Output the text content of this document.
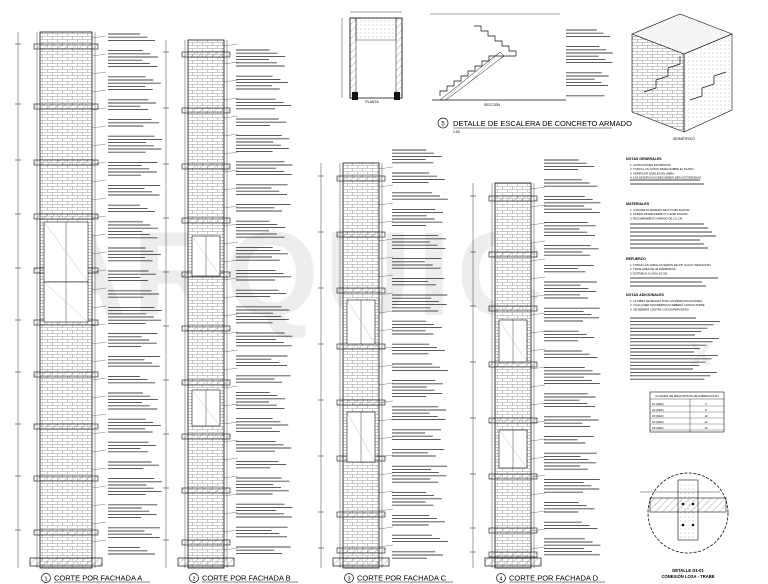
ARQUIC
x
PLANTA
SECCIÓN
ISOMÉTRICO
5 DETALLE DE ESCALERA DE CONCRETO ARMADO
1:50
NOTAS GENERALES
1. ACOTACIONES EN METROS.
2. TODAS LAS COTAS RIGEN SOBRE EL PLANO.
3. VERIFICAR NIVELES EN OBRA.
4. LAS MODIFICACIONES DEBEN SER AUTORIZADAS.
MATERIALES
1. CONCRETO ARMADO DE F'C=250 KG/CM2.
2. ACERO DE REFUERZO FY=4200 KG/CM2.
3. RECUBRIMIENTO MÍNIMO DE 2.5 CM.
REFUERZO
1. TODAS LAS VARILLAS SERÁN DE 3/8" SALVO INDICACIÓN.
2. TRASLAPES DE 40 DIÁMETROS.
3. ESTRIBOS A CADA 20 CM.
NOTAS ADICIONALES
1. LA OBRA SE REGIRÁ POR LAS ESPECIFICACIONES.
2. CUALQUIER DISCREPANCIA DEBERÁ CONSULTARSE.
3. SE DEBERÁ CONTAR CON SUPERVISIÓN.
CUADRO DE REQUISITOS DE FABRICACIÓN
K1 (DEF)	6
K2 (DEF)	8
K3 (DEF)	10
K4 (DEF)	12
K5 (DEF)	14
DETALLE D1-01
CONEXIÓN LOSA - TRABE
1 CORTE POR FACHADA A	2 CORTE POR FACHADA B	3 CORTE POR FACHADA C	4 CORTE POR FACHADA D
